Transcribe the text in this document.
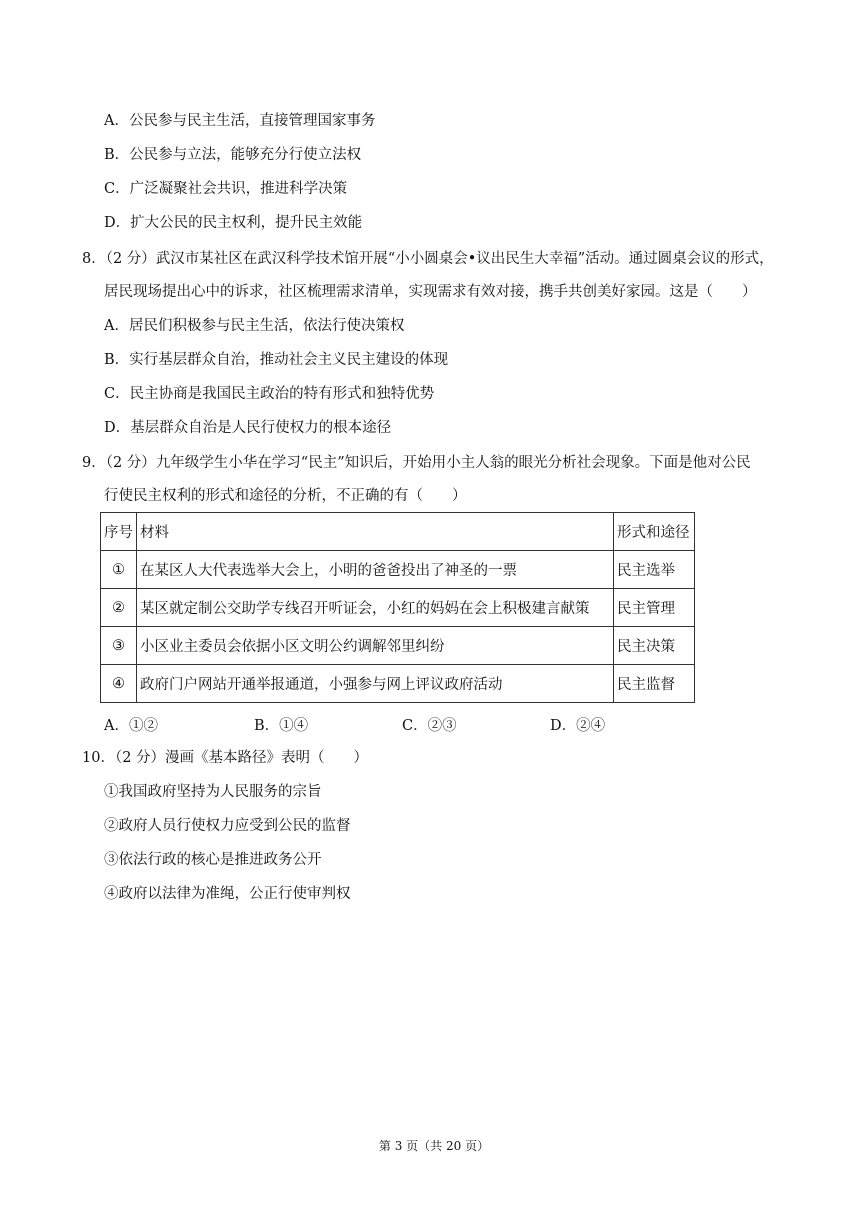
A．公民参与民主生活，直接管理国家事务
B．公民参与立法，能够充分行使立法权
C．广泛凝聚社会共识，推进科学决策
D．扩大公民的民主权利，提升民主效能
8．（2 分）武汉市某社区在武汉科学技术馆开展“小小圆桌会•议出民生大幸福”活动。通过圆桌会议的形式，
居民现场提出心中的诉求，社区梳理需求清单，实现需求有效对接，携手共创美好家园。这是（　　）
A．居民们积极参与民主生活，依法行使决策权
B．实行基层群众自治，推动社会主义民主建设的体现
C．民主协商是我国民主政治的特有形式和独特优势
D．基层群众自治是人民行使权力的根本途径
9．（2 分）九年级学生小华在学习“民主”知识后，开始用小主人翁的眼光分析社会现象。下面是他对公民
行使民主权利的形式和途径的分析，不正确的有（　　）
序号	材料	形式和途径
①	在某区人大代表选举大会上，小明的爸爸投出了神圣的一票	民主选举
②	某区就定制公交助学专线召开听证会，小红的妈妈在会上积极建言献策	民主管理
③	小区业主委员会依据小区文明公约调解邻里纠纷	民主决策
④	政府门户网站开通举报通道，小强参与网上评议政府活动	民主监督
A．①②	B．①④	C．②③	D．②④
10．（2 分）漫画《基本路径》表明（　　）
①我国政府坚持为人民服务的宗旨
②政府人员行使权力应受到公民的监督
③依法行政的核心是推进政务公开
④政府以法律为准绳，公正行使审判权
第 3 页（共 20 页）
